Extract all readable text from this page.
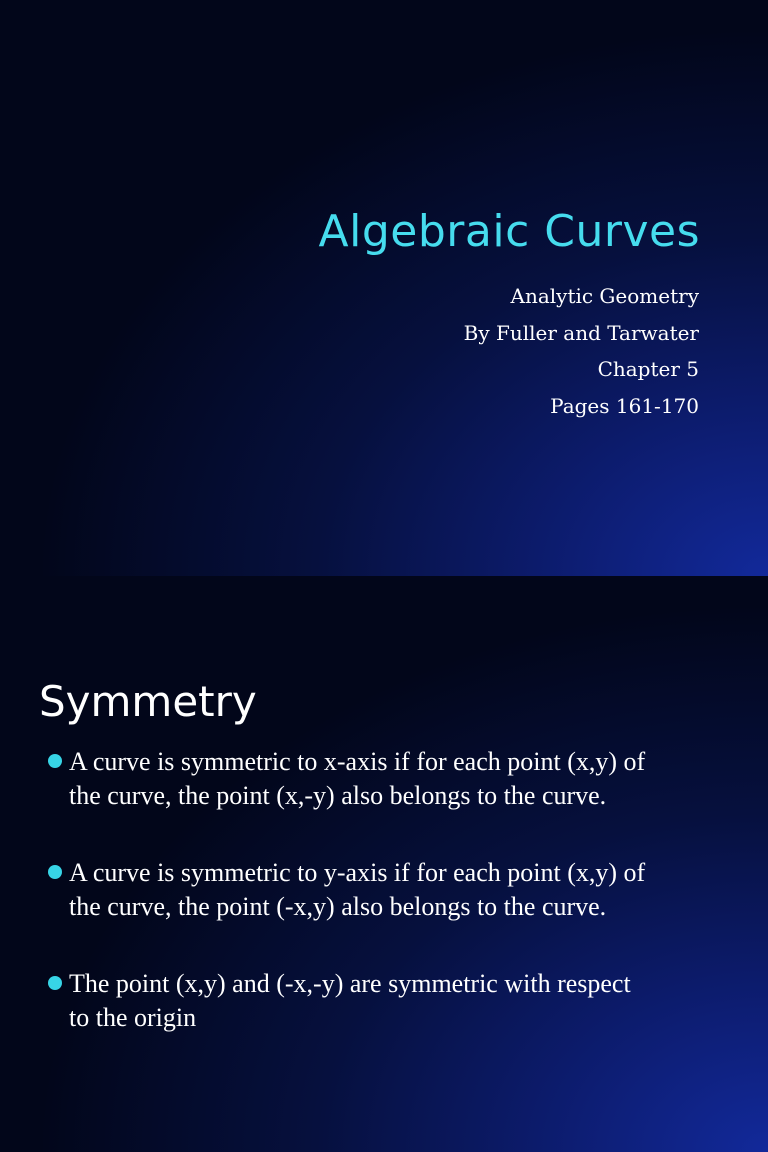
Algebraic Curves
Analytic Geometry
By Fuller and Tarwater
Chapter 5
Pages 161-170
Symmetry

A curve is symmetric to x-axis if for each point (x,y) of

the curve, the point (x,-y) also belongs to the curve.

A curve is symmetric to y-axis if for each point (x,y) of

the curve, the point (-x,y) also belongs to the curve.

The point (x,y) and (-x,-y) are symmetric with respect

to the origin
